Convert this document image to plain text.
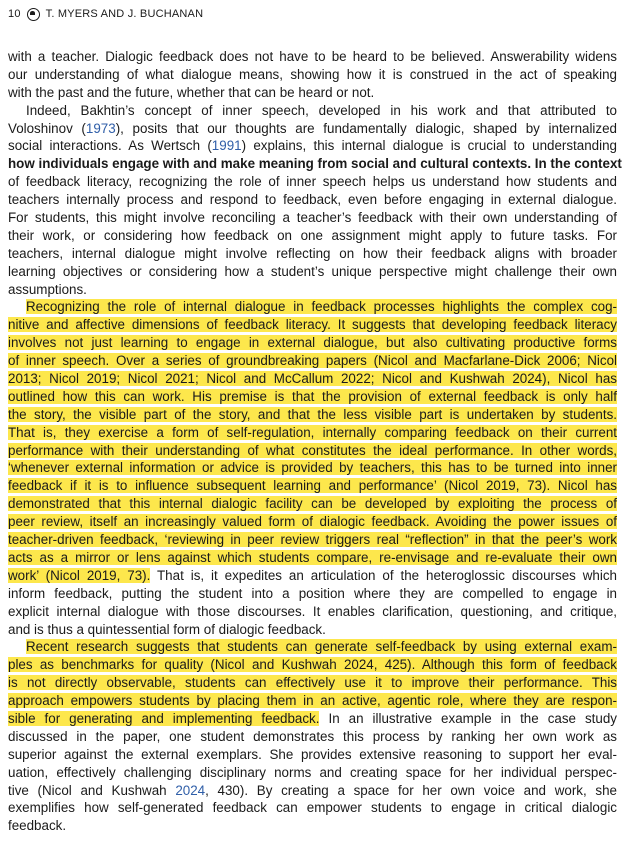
10 T. MYERS AND J. BUCHANAN
with a teacher. Dialogic feedback does not have to be heard to be believed. Answerability widens
our understanding of what dialogue means, showing how it is construed in the act of speaking
with the past and the future, whether that can be heard or not.
Indeed, Bakhtin’s concept of inner speech, developed in his work and that attributed to
Voloshinov (1973), posits that our thoughts are fundamentally dialogic, shaped by internalized
social interactions. As Wertsch (1991) explains, this internal dialogue is crucial to understanding
how individuals engage with and make meaning from social and cultural contexts. In the context
of feedback literacy, recognizing the role of inner speech helps us understand how students and
teachers internally process and respond to feedback, even before engaging in external dialogue.
For students, this might involve reconciling a teacher’s feedback with their own understanding of
their work, or considering how feedback on one assignment might apply to future tasks. For
teachers, internal dialogue might involve reflecting on how their feedback aligns with broader
learning objectives or considering how a student’s unique perspective might challenge their own
assumptions.
Recognizing the role of internal dialogue in feedback processes highlights the complex cog-
nitive and affective dimensions of feedback literacy. It suggests that developing feedback literacy
involves not just learning to engage in external dialogue, but also cultivating productive forms
of inner speech. Over a series of groundbreaking papers (Nicol and Macfarlane-Dick 2006; Nicol
2013; Nicol 2019; Nicol 2021; Nicol and McCallum 2022; Nicol and Kushwah 2024), Nicol has
outlined how this can work. His premise is that the provision of external feedback is only half
the story, the visible part of the story, and that the less visible part is undertaken by students.
That is, they exercise a form of self-regulation, internally comparing feedback on their current
performance with their understanding of what constitutes the ideal performance. In other words,
‘whenever external information or advice is provided by teachers, this has to be turned into inner
feedback if it is to influence subsequent learning and performance’ (Nicol 2019, 73). Nicol has
demonstrated that this internal dialogic facility can be developed by exploiting the process of
peer review, itself an increasingly valued form of dialogic feedback. Avoiding the power issues of
teacher-driven feedback, ‘reviewing in peer review triggers real “reflection” in that the peer’s work
acts as a mirror or lens against which students compare, re-envisage and re-evaluate their own
work’ (Nicol 2019, 73). That is, it expedites an articulation of the heteroglossic discourses which
inform feedback, putting the student into a position where they are compelled to engage in
explicit internal dialogue with those discourses. It enables clarification, questioning, and critique,
and is thus a quintessential form of dialogic feedback.
Recent research suggests that students can generate self-feedback by using external exam-
ples as benchmarks for quality (Nicol and Kushwah 2024, 425). Although this form of feedback
is not directly observable, students can effectively use it to improve their performance. This
approach empowers students by placing them in an active, agentic role, where they are respon-
sible for generating and implementing feedback. In an illustrative example in the case study
discussed in the paper, one student demonstrates this process by ranking her own work as
superior against the external exemplars. She provides extensive reasoning to support her eval-
uation, effectively challenging disciplinary norms and creating space for her individual perspec-
tive (Nicol and Kushwah 2024, 430). By creating a space for her own voice and work, she
exemplifies how self-generated feedback can empower students to engage in critical dialogic
feedback.
